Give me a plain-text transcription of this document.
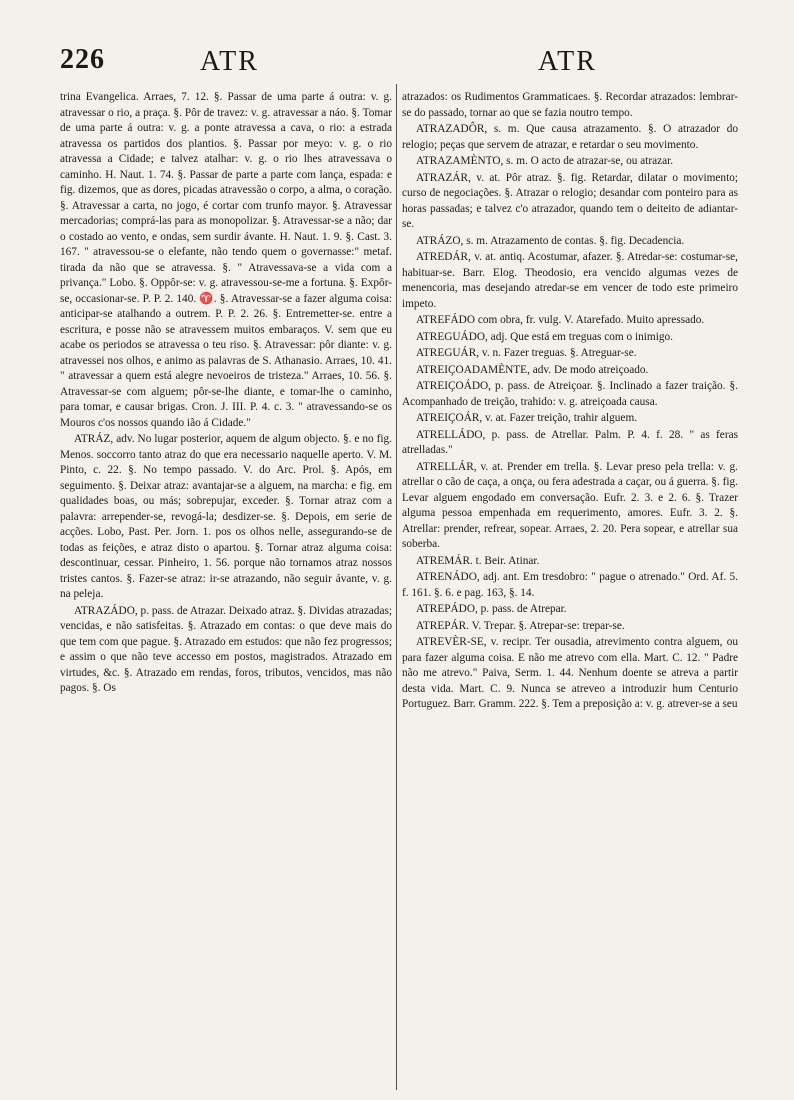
226	ATR	ATR

trina Evangelica. Arraes, 7. 12. §. Passar de uma parte á outra: v. g. atravessar o rio, a praça. §. Pôr de travez: v. g. atravessar a náo. §. Tomar de uma parte á outra: v. g. a ponte atravessa a cava, o rio: a estrada atravessa os partidos dos plantios. §. Passar por meyo: v. g. o rio atravessa a Cidade; e talvez atalhar: v. g. o rio lhes atravessava o caminho. H. Naut. 1. 74. §. Passar de parte a parte com lança, espada: e fig. dizemos, que as dores, picadas atravessão o corpo, a alma, o coração. §. Atravessar a carta, no jogo, é cortar com trunfo mayor. §. Atravessar mercadorias; comprá-las para as monopolizar. §. Atravessar-se a não; dar o costado ao vento, e ondas, sem surdir ávante. H. Naut. 1. 9. §. Cast. 3. 167. " atravessou-se o elefante, não tendo quem o governasse:" metaf. tirada da não que se atravessa. §. " Atravessava-se a vida com a privança." Lobo. §. Oppôr-se: v. g. atravessou-se-me a fortuna. §. Expôr-se, occasionar-se. P. P. 2. 140. ♈. §. Atravessar-se a fazer alguma coisa: anticipar-se atalhando a outrem. P. P. 2. 26. §. Entremetter-se. entre a escritura, e posse não se atravessem muitos embaraços. V. sem que eu acabe os periodos se atravessa o teu riso. §. Atravessar: pôr diante: v. g. atravessei nos olhos, e animo as palavras de S. Athanasio. Arraes, 10. 41. " atravessar a quem está alegre nevoeiros de tristeza." Arraes, 10. 56. §. Atravessar-se com alguem; pôr-se-lhe diante, e tomar-lhe o caminho, para tomar, e causar brigas. Cron. J. III. P. 4. c. 3. " atravessando-se os Mouros c'os nossos quando ião á Cidade."

ATRÁZ, adv. No lugar posterior, aquem de algum objecto. §. e no fig. Menos. soccorro tanto atraz do que era necessario naquelle aperto. V. M. Pinto, c. 22. §. No tempo passado. V. do Arc. Prol. §. Após, em seguimento. §. Deixar atraz: avantajar-se a alguem, na marcha: e fig. em qualidades boas, ou más; sobrepujar, exceder. §. Tornar atraz com a palavra: arrepender-se, revogá-la; desdizer-se. §. Depois, em serie de acções. Lobo, Past. Per. Jorn. 1. pos os olhos nelle, assegurando-se de todas as feições, e atraz disto o apartou. §. Tornar atraz alguma coisa: descontinuar, cessar. Pinheiro, 1. 56. porque não tornamos atraz nossos tristes cantos. §. Fazer-se atraz: ir-se atrazando, não seguir ávante, v. g. na peleja.

ATRAZÁDO, p. pass. de Atrazar. Deixado atraz. §. Dividas atrazadas; vencidas, e não satisfeitas. §. Atrazado em contas: o que deve mais do que tem com que pague. §. Atrazado em estudos: que não fez progressos; e assim o que não teve accesso em postos, magistrados. Atrazado em virtudes, &c. §. Atrazado em rendas, foros, tributos, vencidos, mas não pagos. §. Os

atrazados: os Rudimentos Grammaticaes. §. Recordar atrazados: lembrar-se do passado, tornar ao que se fazia noutro tempo.

ATRAZADÔR, s. m. Que causa atrazamento. §. O atrazador do relogio; peças que servem de atrazar, e retardar o seu movimento.

ATRAZAMÈNTO, s. m. O acto de atrazar-se, ou atrazar.

ATRAZÁR, v. at. Pôr atraz. §. fig. Retardar, dilatar o movimento; curso de negociações. §. Atrazar o relogio; desandar com ponteiro para as horas passadas; e talvez c'o atrazador, quando tem o deiteito de adiantar-se.

ATRÁZO, s. m. Atrazamento de contas. §. fig. Decadencia.

ATREDÁR, v. at. antiq. Acostumar, afazer. §. Atredar-se: costumar-se, habituar-se. Barr. Elog. Theodosio, era vencido algumas vezes de menencoria, mas desejando atredar-se em vencer de todo este primeiro impeto.

ATREFÁDO com obra, fr. vulg. V. Atarefado. Muito apressado.

ATREGUÁDO, adj. Que está em treguas com o inimigo.

ATREGUÁR, v. n. Fazer treguas. §. Atreguar-se.

ATREIÇOADAMÈNTE, adv. De modo atreiçoado.

ATREIÇOÁDO, p. pass. de Atreiçoar. §. Inclinado a fazer traição. §. Acompanhado de treição, trahido: v. g. atreiçoada causa.

ATREIÇOÁR, v. at. Fazer treição, trahir alguem.

ATRELLÁDO, p. pass. de Atrellar. Palm. P. 4. f. 28. " as feras atrelladas."

ATRELLÁR, v. at. Prender em trella. §. Levar preso pela trella: v. g. atrellar o cão de caça, a onça, ou fera adestrada a caçar, ou á guerra. §. fig. Levar alguem engodado em conversação. Eufr. 2. 3. e 2. 6. §. Trazer alguma pessoa empenhada em requerimento, amores. Eufr. 3. 2. §. Atrellar: prender, refrear, sopear. Arraes, 2. 20. Pera sopear, e atrellar sua soberba.

ATREMÁR. t. Beir. Atinar.

ATRENÁDO, adj. ant. Em tresdobro: " pague o atrenado." Ord. Af. 5. f. 161. §. 6. e pag. 163, §. 14.

ATREPÁDO, p. pass. de Atrepar.

ATREPÁR. V. Trepar. §. Atrepar-se: trepar-se.

ATREVÈR-SE, v. recipr. Ter ousadia, atrevimento contra alguem, ou para fazer alguma coisa. E não me atrevo com ella. Mart. C. 12. " Padre não me atrevo." Paiva, Serm. 1. 44. Nenhum doente se atreva a partir desta vida. Mart. C. 9. Nunca se atreveo a introduzir hum Centurio Portuguez. Barr. Gramm. 222. §. Tem a preposição a: v. g. atrever-se a seu
